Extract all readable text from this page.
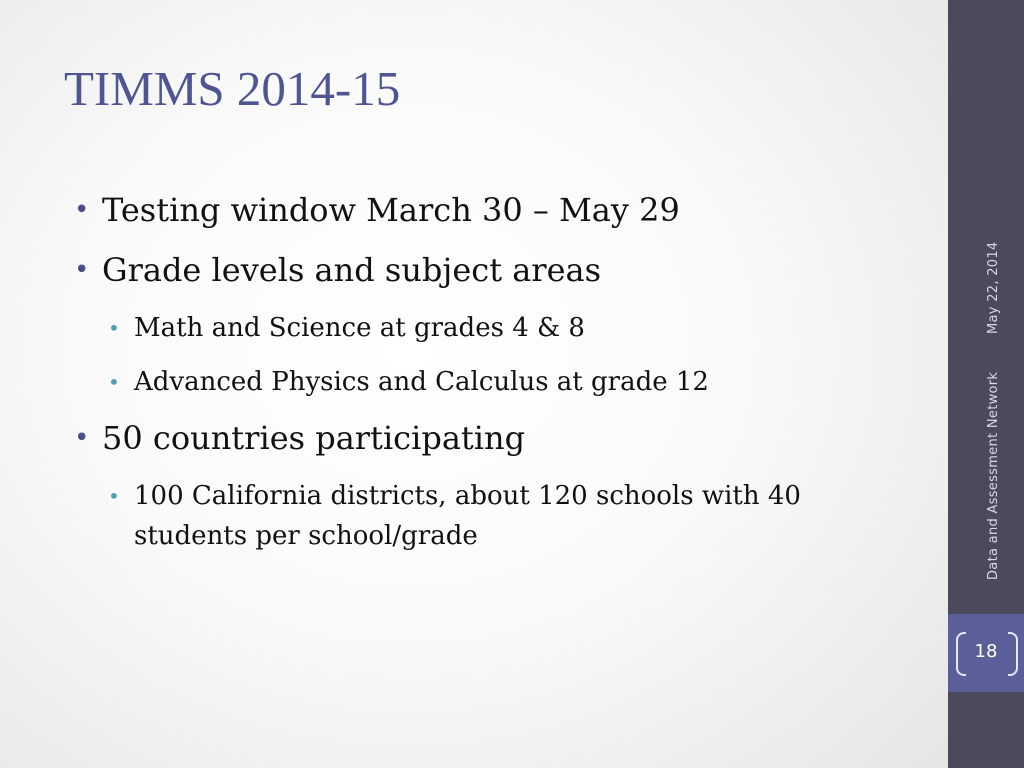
TIMMS 2014-15
• Testing window March 30 – May 29
• Grade levels and subject areas
• Math and Science at grades 4 & 8
• Advanced Physics and Calculus at grade 12
• 50 countries participating
• 100 California districts, about 120 schools with 40 students per school/grade	Data and Assessment Network
May 22, 2014
18
